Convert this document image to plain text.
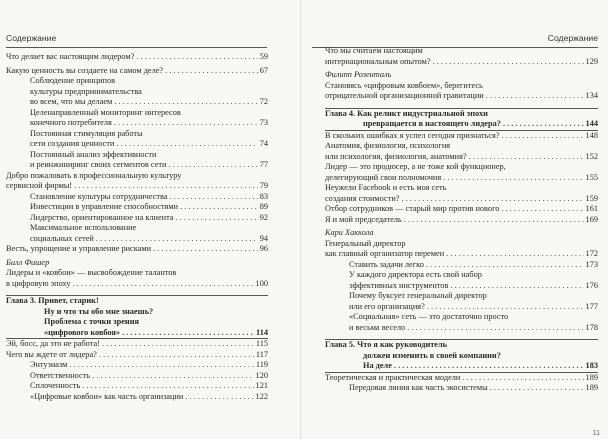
Содержание
Что делает вас настоящим лидером? . . .	59
Какую ценность вы создаете на самом деле? . . .	67
Соблюдение принципов
культуры предпринимательства
во всем, что мы делаем . . .	72
Целенаправленный мониторинг интересов
конечного потребителя . . .	73
Постоянная стимуляция работы
сети создания ценности . . .	74
Постоянный анализ эффективности
и реинжиниринг своих сегментов сети . . .	77
Добро пожаловать в профессиональную культуру
сервисной фирмы! . . .	79
Становление культуры сотрудничества . . .	83
Инвестиции в управление способностями . . .	89
Лидерство, ориентированное на клиента . . .	92
Максимальное использование
социальных сетей . . .	94
Весть, упрощение и управление рисками . . .	96
Билл Фишер
Лидеры и «ковбои» — высвобождение талантов
в цифровую эпоху . . .	100
Глава 3. Привет, старик!
Ну и что ты обо мне знаешь?
Проблема с точки зрения
«цифрового ковбоя» . . .	114
Эй, босс, да это не работа! . . .	115
Чего вы ждете от лидера? . . .	117
Энтузиазм . . .	119
Ответственность . . .	120
Сплоченность . . .	121
«Цифровые ковбои» как часть организации . . .	122
Содержание
Что мы считаем настоящим
интернациональным опытом? . . .	129
Филипп Розенталь
Становясь «цифровым ковбоем», берегитесь
отрицательной организационной гравитации . . .	134
Глава 4. Как реликт индустриальной эпохи
превращается в настоящего лидера? . . .	144
В скольких ошибках я успел сегодня признаться? . . .	148
Анатомия, физиология, психология
или психология, физиология, анатомия? . . .	152
Лидер — это продюсер, а не тоже кой функционер,
делегирующий свои полномочия . . .	155
Неужели Facebook и есть моя сеть
создания стоимости? . . .	159
Отбор сотрудников — старый мир против нового . . .	161
Я и мой председатель . . .	169
Кари Хаккола
Генеральный директор
как главный организатор перемен . . .	172
Ставить задачи легко . . .	173
У каждого директора есть свой набор
эффективных инструментов . . .	176
Почему буксует генеральный директор
или его организация? . . .	177
«Социальная» сеть — это достаточно просто
и весьма весело . . .	178
Глава 5. Что я как руководитель
должен изменить в своей компании?
На деле . . .	183
Теоретическая и практическая модели . . .	189
Передовая линия как часть экосистемы . . .	189
11
